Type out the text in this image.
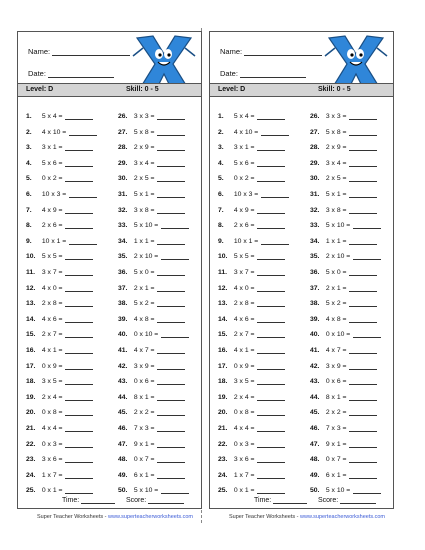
Name:
Date:
Level: D	Skill: 0 - 5
1. 5 x 4 =
2. 4 x 10 =
3. 3 x 1 =
4. 5 x 6 =
5. 0 x 2 =
6. 10 x 3 =
7. 4 x 9 =
8. 2 x 6 =
9. 10 x 1 =
10. 5 x 5 =
11. 3 x 7 =
12. 4 x 0 =
13. 2 x 8 =
14. 4 x 6 =
15. 2 x 7 =
16. 4 x 1 =
17. 0 x 9 =
18. 3 x 5 =
19. 2 x 4 =
20. 0 x 8 =
21. 4 x 4 =
22. 0 x 3 =
23. 3 x 6 =
24. 1 x 7 =
25. 0 x 1 =
26. 3 x 3 =
27. 5 x 8 =
28. 2 x 9 =
29. 3 x 4 =
30. 2 x 5 =
31. 5 x 1 =
32. 3 x 8 =
33. 5 x 10 =
34. 1 x 1 =
35. 2 x 10 =
36. 5 x 0 =
37. 2 x 1 =
38. 5 x 2 =
39. 4 x 8 =
40. 0 x 10 =
41. 4 x 7 =
42. 3 x 9 =
43. 0 x 6 =
44. 8 x 1 =
45. 2 x 2 =
46. 7 x 3 =
47. 9 x 1 =
48. 0 x 7 =
49. 6 x 1 =
50. 5 x 10 =
Time:	Score:
Super Teacher Worksheets - www.superteacherworksheets.com
Name:
Date:
Level: D	Skill: 0 - 5
1. 5 x 4 =
2. 4 x 10 =
3. 3 x 1 =
4. 5 x 6 =
5. 0 x 2 =
6. 10 x 3 =
7. 4 x 9 =
8. 2 x 6 =
9. 10 x 1 =
10. 5 x 5 =
11. 3 x 7 =
12. 4 x 0 =
13. 2 x 8 =
14. 4 x 6 =
15. 2 x 7 =
16. 4 x 1 =
17. 0 x 9 =
18. 3 x 5 =
19. 2 x 4 =
20. 0 x 8 =
21. 4 x 4 =
22. 0 x 3 =
23. 3 x 6 =
24. 1 x 7 =
25. 0 x 1 =
26. 3 x 3 =
27. 5 x 8 =
28. 2 x 9 =
29. 3 x 4 =
30. 2 x 5 =
31. 5 x 1 =
32. 3 x 8 =
33. 5 x 10 =
34. 1 x 1 =
35. 2 x 10 =
36. 5 x 0 =
37. 2 x 1 =
38. 5 x 2 =
39. 4 x 8 =
40. 0 x 10 =
41. 4 x 7 =
42. 3 x 9 =
43. 0 x 6 =
44. 8 x 1 =
45. 2 x 2 =
46. 7 x 3 =
47. 9 x 1 =
48. 0 x 7 =
49. 6 x 1 =
50. 5 x 10 =
Time:	Score:
Super Teacher Worksheets - www.superteacherworksheets.com
